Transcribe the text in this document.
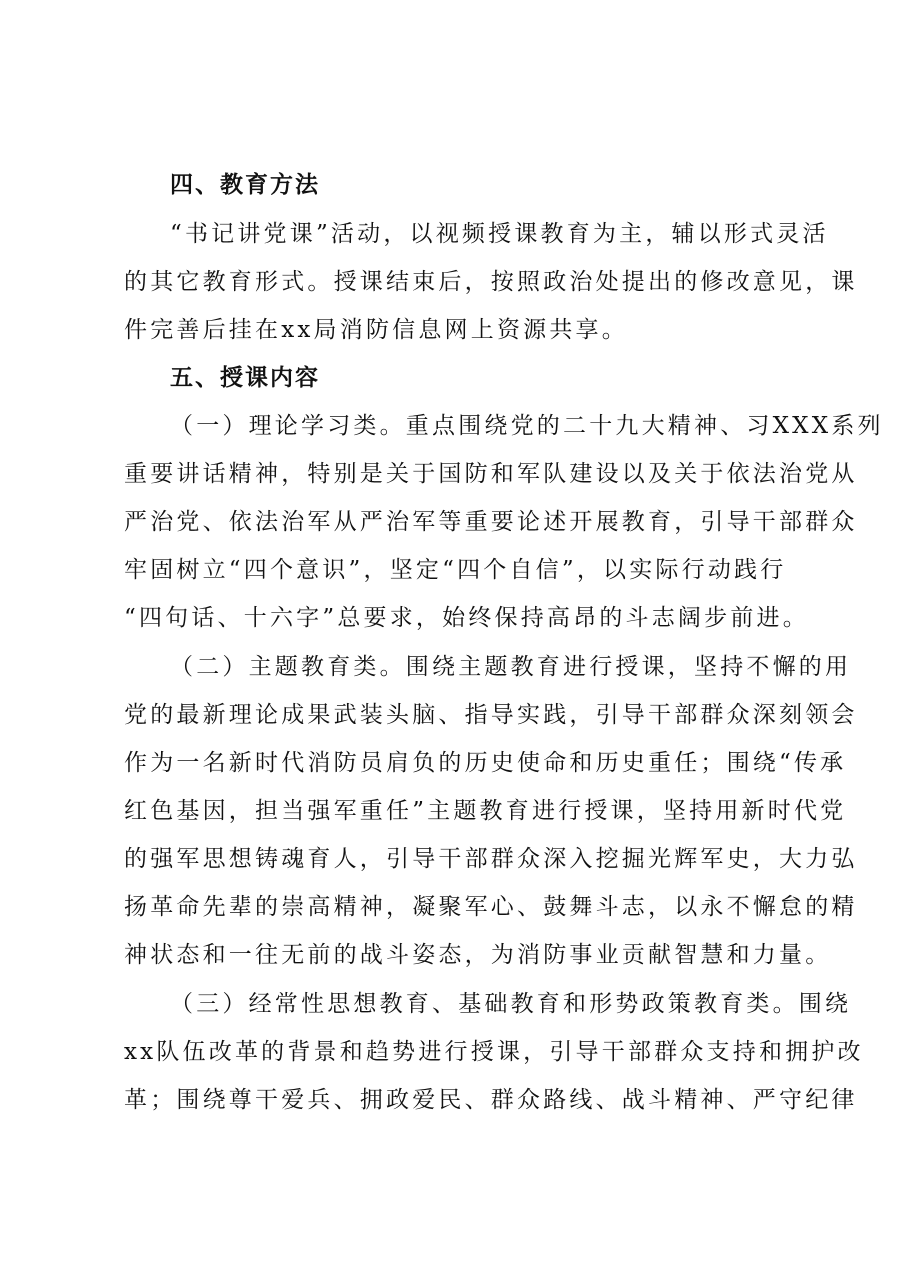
四、教育方法
“书记讲党课”活动，以视频授课教育为主，辅以形式灵活
的其它教育形式。授课结束后，按照政治处提出的修改意见，课
件完善后挂在xx局消防信息网上资源共享。
五、授课内容
（一）理论学习类。重点围绕党的二十九大精神、习XXX系列
重要讲话精神，特别是关于国防和军队建设以及关于依法治党从
严治党、依法治军从严治军等重要论述开展教育，引导干部群众
牢固树立“四个意识”，坚定“四个自信”，以实际行动践行
“四句话、十六字”总要求，始终保持高昂的斗志阔步前进。
（二）主题教育类。围绕主题教育进行授课，坚持不懈的用
党的最新理论成果武装头脑、指导实践，引导干部群众深刻领会
作为一名新时代消防员肩负的历史使命和历史重任；围绕“传承
红色基因，担当强军重任”主题教育进行授课，坚持用新时代党
的强军思想铸魂育人，引导干部群众深入挖掘光辉军史，大力弘
扬革命先辈的崇高精神，凝聚军心、鼓舞斗志，以永不懈怠的精
神状态和一往无前的战斗姿态，为消防事业贡献智慧和力量。
（三）经常性思想教育、基础教育和形势政策教育类。围绕
xx队伍改革的背景和趋势进行授课，引导干部群众支持和拥护改
革；围绕尊干爱兵、拥政爱民、群众路线、战斗精神、严守纪律
